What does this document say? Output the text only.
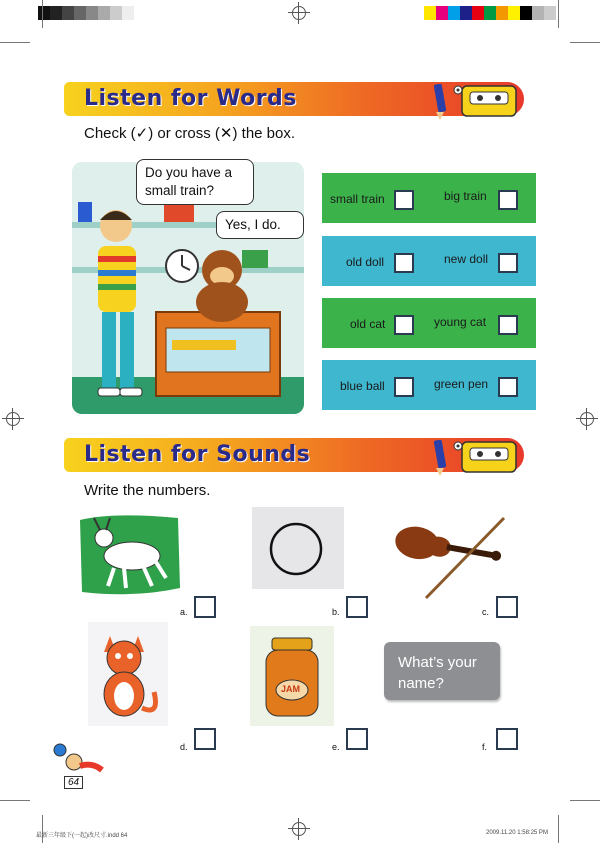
Listen for Words
Check (✓) or cross (✕) the box.
Do you have a small train?
Yes, I do.
small train	big train
old doll	new doll
old cat	young cat
blue ball	green pen
Listen for Sounds
Write the numbers.
a.	b.	c.
d.
JAM
e.
What’s your name?
f.
64
最新三年级下(一起)改尺寸.indd 64	2009.11.20 1:58:25 PM
